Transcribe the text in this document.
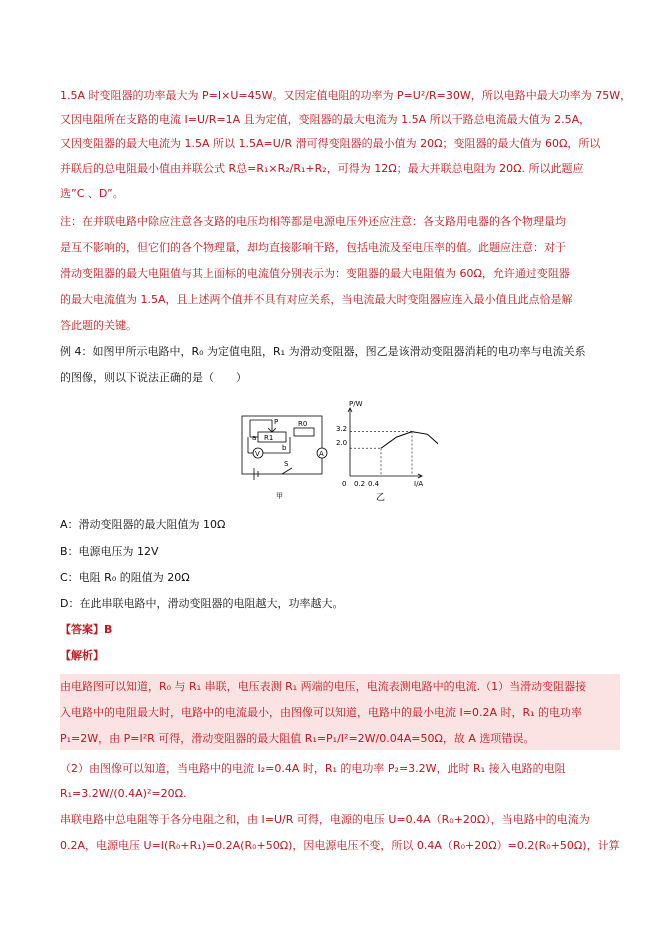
1.5A 时变阻器的功率最大为 P=I×U=45W。又因定值电阻的功率为 P=U²/R=30W，所以电路中最大功率为 75W，
又因电阻所在支路的电流 I=U/R=1A 且为定值，变阻器的最大电流为 1.5A 所以干路总电流最大值为 2.5A，
又因变阻器的最大电流为 1.5A 所以 1.5A=U/R 滑可得变阻器的最小值为 20Ω；变阻器的最大值为 60Ω，所以
并联后的总电阻最小值由并联公式 R总=R₁×R₂/R₁+R₂，可得为 12Ω；最大并联总电阻为 20Ω. 所以此题应
选”C 、D”。
注：在并联电路中除应注意各支路的电压均相等都是电源电压外还应注意：各支路用电器的各个物理量均
是互不影响的，但它们的各个物理量，却均直接影响干路，包括电流及至电压率的值。此题应注意：对于
滑动变阻器的最大电阻值与其上面标的电流值分别表示为：变阻器的最大电阻值为 60Ω，允许通过变阻器
的最大电流值为 1.5A，且上述两个值并不具有对应关系，当电流最大时变阻器应连入最小值且此点恰是解
答此题的关键。
例 4：如图甲所示电路中，R₀ 为定值电阻，R₁ 为滑动变阻器，图乙是该滑动变阻器消耗的电功率与电流关系
的图像，则以下说法正确的是（　　）
P
a R1
b
R0
V	A
S
甲
P/W
I/A
3.2
2.0
0 0.2 0.4
乙
A：滑动变阻器的最大阻值为 10Ω
B：电源电压为 12V
C：电阻 R₀ 的阻值为 20Ω
D：在此串联电路中，滑动变阻器的电阻越大，功率越大。
【答案】B
【解析】
由电路图可以知道，R₀ 与 R₁ 串联，电压表测 R₁ 两端的电压，电流表测电路中的电流.（1）当滑动变阻器接
入电路中的电阻最大时，电路中的电流最小，由图像可以知道，电路中的最小电流 I=0.2A 时，R₁ 的电功率
P₁=2W，由 P=I²R 可得，滑动变阻器的最大阻值 R₁=P₁/I²=2W/0.04A=50Ω，故 A 选项错误。
（2）由图像可以知道，当电路中的电流 I₂=0.4A 时，R₁ 的电功率 P₂=3.2W，此时 R₁ 接入电路的电阻
R₁=3.2W/(0.4A)²=20Ω.
串联电路中总电阻等于各分电阻之和，由 I=U/R 可得，电源的电压 U=0.4A（R₀+20Ω），当电路中的电流为
0.2A，电源电压 U=I(R₀+R₁)=0.2A(R₀+50Ω)，因电源电压不变，所以 0.4A（R₀+20Ω）=0.2(R₀+50Ω)，计算
